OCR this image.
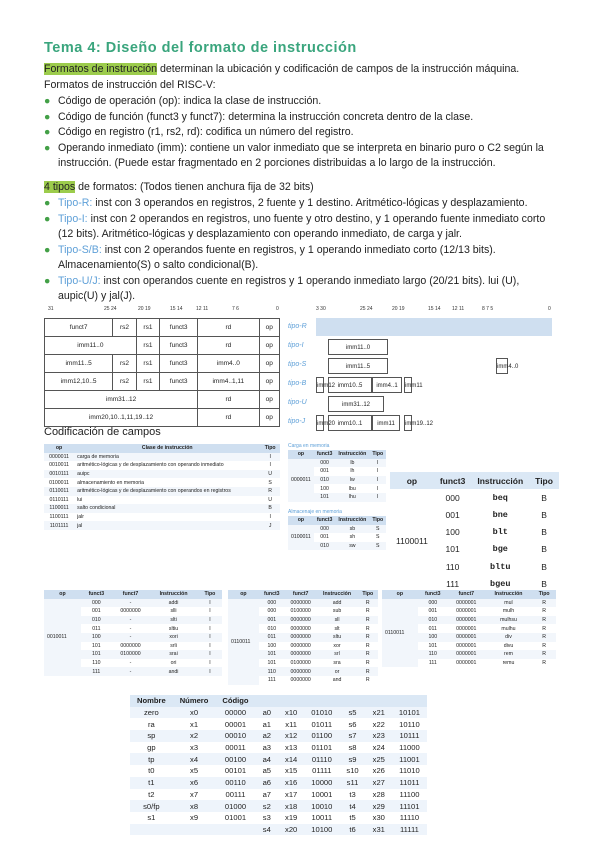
Tema 4: Diseño del formato de instrucción
Formatos de instrucción determinan la ubicación y codificación de campos de la instrucción máquina.
Formatos de instrucción del RISC-V:
● Código de operación (op): indica la clase de instrucción.
● Código de función (funct3 y funct7): determina la instrucción concreta dentro de la clase.
● Código en registro (r1, rs2, rd): codifica un número del registro.
● Operando inmediato (imm): contiene un valor inmediato que se interpreta en binario puro o C2 según la instrucción. (Puede estar fragmentado en 2 porciones distribuidas a lo largo de la instrucción.
4 tipos de formatos: (Todos tienen anchura fija de 32 bits)
● Tipo-R: inst con 3 operandos en registros, 2 fuente y 1 destino. Aritmético-lógicas y desplazamiento.
● Tipo-I: inst con 2 operandos en registros, uno fuente y otro destino, y 1 operando fuente inmediato corto (12 bits). Aritmético-lógicas y desplazamiento con operando inmediato, de carga y jalr.
● Tipo-S/B: inst con 2 operandos fuente en registros, y 1 operando inmediato corto (12/13 bits). Almacenamiento(S) o salto condicional(B).
● Tipo-U/J: inst con operandos cuente en registros y 1 operando inmediato largo (20/21 bits). lui (U), aupic(U) y jal(J).
31	25 24	20 19	15 14	12 11	7 6	0
funct7	rs2	rs1	funct3	rd	op
imm11..0		rs1	funct3	rd	op
imm11..5	rs2	rs1	funct3	imm4..0	op
imm12,10..5	rs2	rs1	funct3	imm4..1,11	op
imm31..12				rd	op
imm20,10..1,11,19..12				rd	op
tipo-R
tipo-I
tipo-S
tipo-B
tipo-U
tipo-J
3 30	25 24	20 19	15 14 12 11	8 7 5	0
imm11..0
imm11..5	imm4..0
imm12 imm10..5	imm4..1	imm11
imm31..12
imm20 imm10..1	imm11	imm19..12
Codificación de campos
op	Clase de instrucción	Tipo
0000011	carga de memoria	I
0010011	aritmético-lógicas y de desplazamiento con operando inmediato	I
0010111	auipc	U
0100011	almacenamiento en memoria	S
0110011	aritmético-lógicas y de desplazamiento con operandos en registros	R
0110111	lui	U
1100011	salto condicional	B
1100111	jalr	I
1101111	jal	J
Carga en memoria
op	funct3	Instrucción	Tipo
0000011	000	lb	I
	001	lh	I
	010	lw	I
	100	lbu	I
	101	lhu	I
Almacenaje en memoria
op	funct3	Instrucción	Tipo
0100011	000	sb	S
	001	sh	S
	010	sw	S
op	funct3	Instrucción	Tipo
1100011	000	beq	B
	001	bne	B
	100	blt	B
	101	bge	B
	110	bltu	B
	111	bgeu	B
op	funct3	funct7	Instrucción	Tipo
0010011	000	-	addi	I
	001	0000000	slli	I
	010	-	slti	I
	011	-	sltiu	I
	100	-	xori	I
	101	0000000	srli	I
	101	0100000	srai	I
	110	-	ori	I
	111	-	andi	I
op	funct3	funct7	Instrucción	Tipo
0110011	000	0000000	add	R
	000	0100000	sub	R
	001	0000000	sll	R
	010	0000000	slt	R
	011	0000000	sltu	R
	100	0000000	xor	R
	101	0000000	srl	R
	101	0100000	sra	R
	110	0000000	or	R
	111	0000000	and	R
op	funct3	funct7	Instrucción	Tipo
0110011	000	0000001	mul	R
	001	0000001	mulh	R
	010	0000001	mulhsu	R
	011	0000001	mulhu	R
	100	0000001	div	R
	101	0000001	divu	R
	110	0000001	rem	R
	111	0000001	remu	R
Nombre	Número	Código						
zero	x0	00000	a0	x10	01010	s5	x21	10101
ra	x1	00001	a1	x11	01011	s6	x22	10110
sp	x2	00010	a2	x12	01100	s7	x23	10111
gp	x3	00011	a3	x13	01101	s8	x24	11000
tp	x4	00100	a4	x14	01110	s9	x25	11001
t0	x5	00101	a5	x15	01111	s10	x26	11010
t1	x6	00110	a6	x16	10000	s11	x27	11011
t2	x7	00111	a7	x17	10001	t3	x28	11100
s0/fp	x8	01000	s2	x18	10010	t4	x29	11101
s1	x9	01001	s3	x19	10011	t5	x30	11110
			s4	x20	10100	t6	x31	11111
